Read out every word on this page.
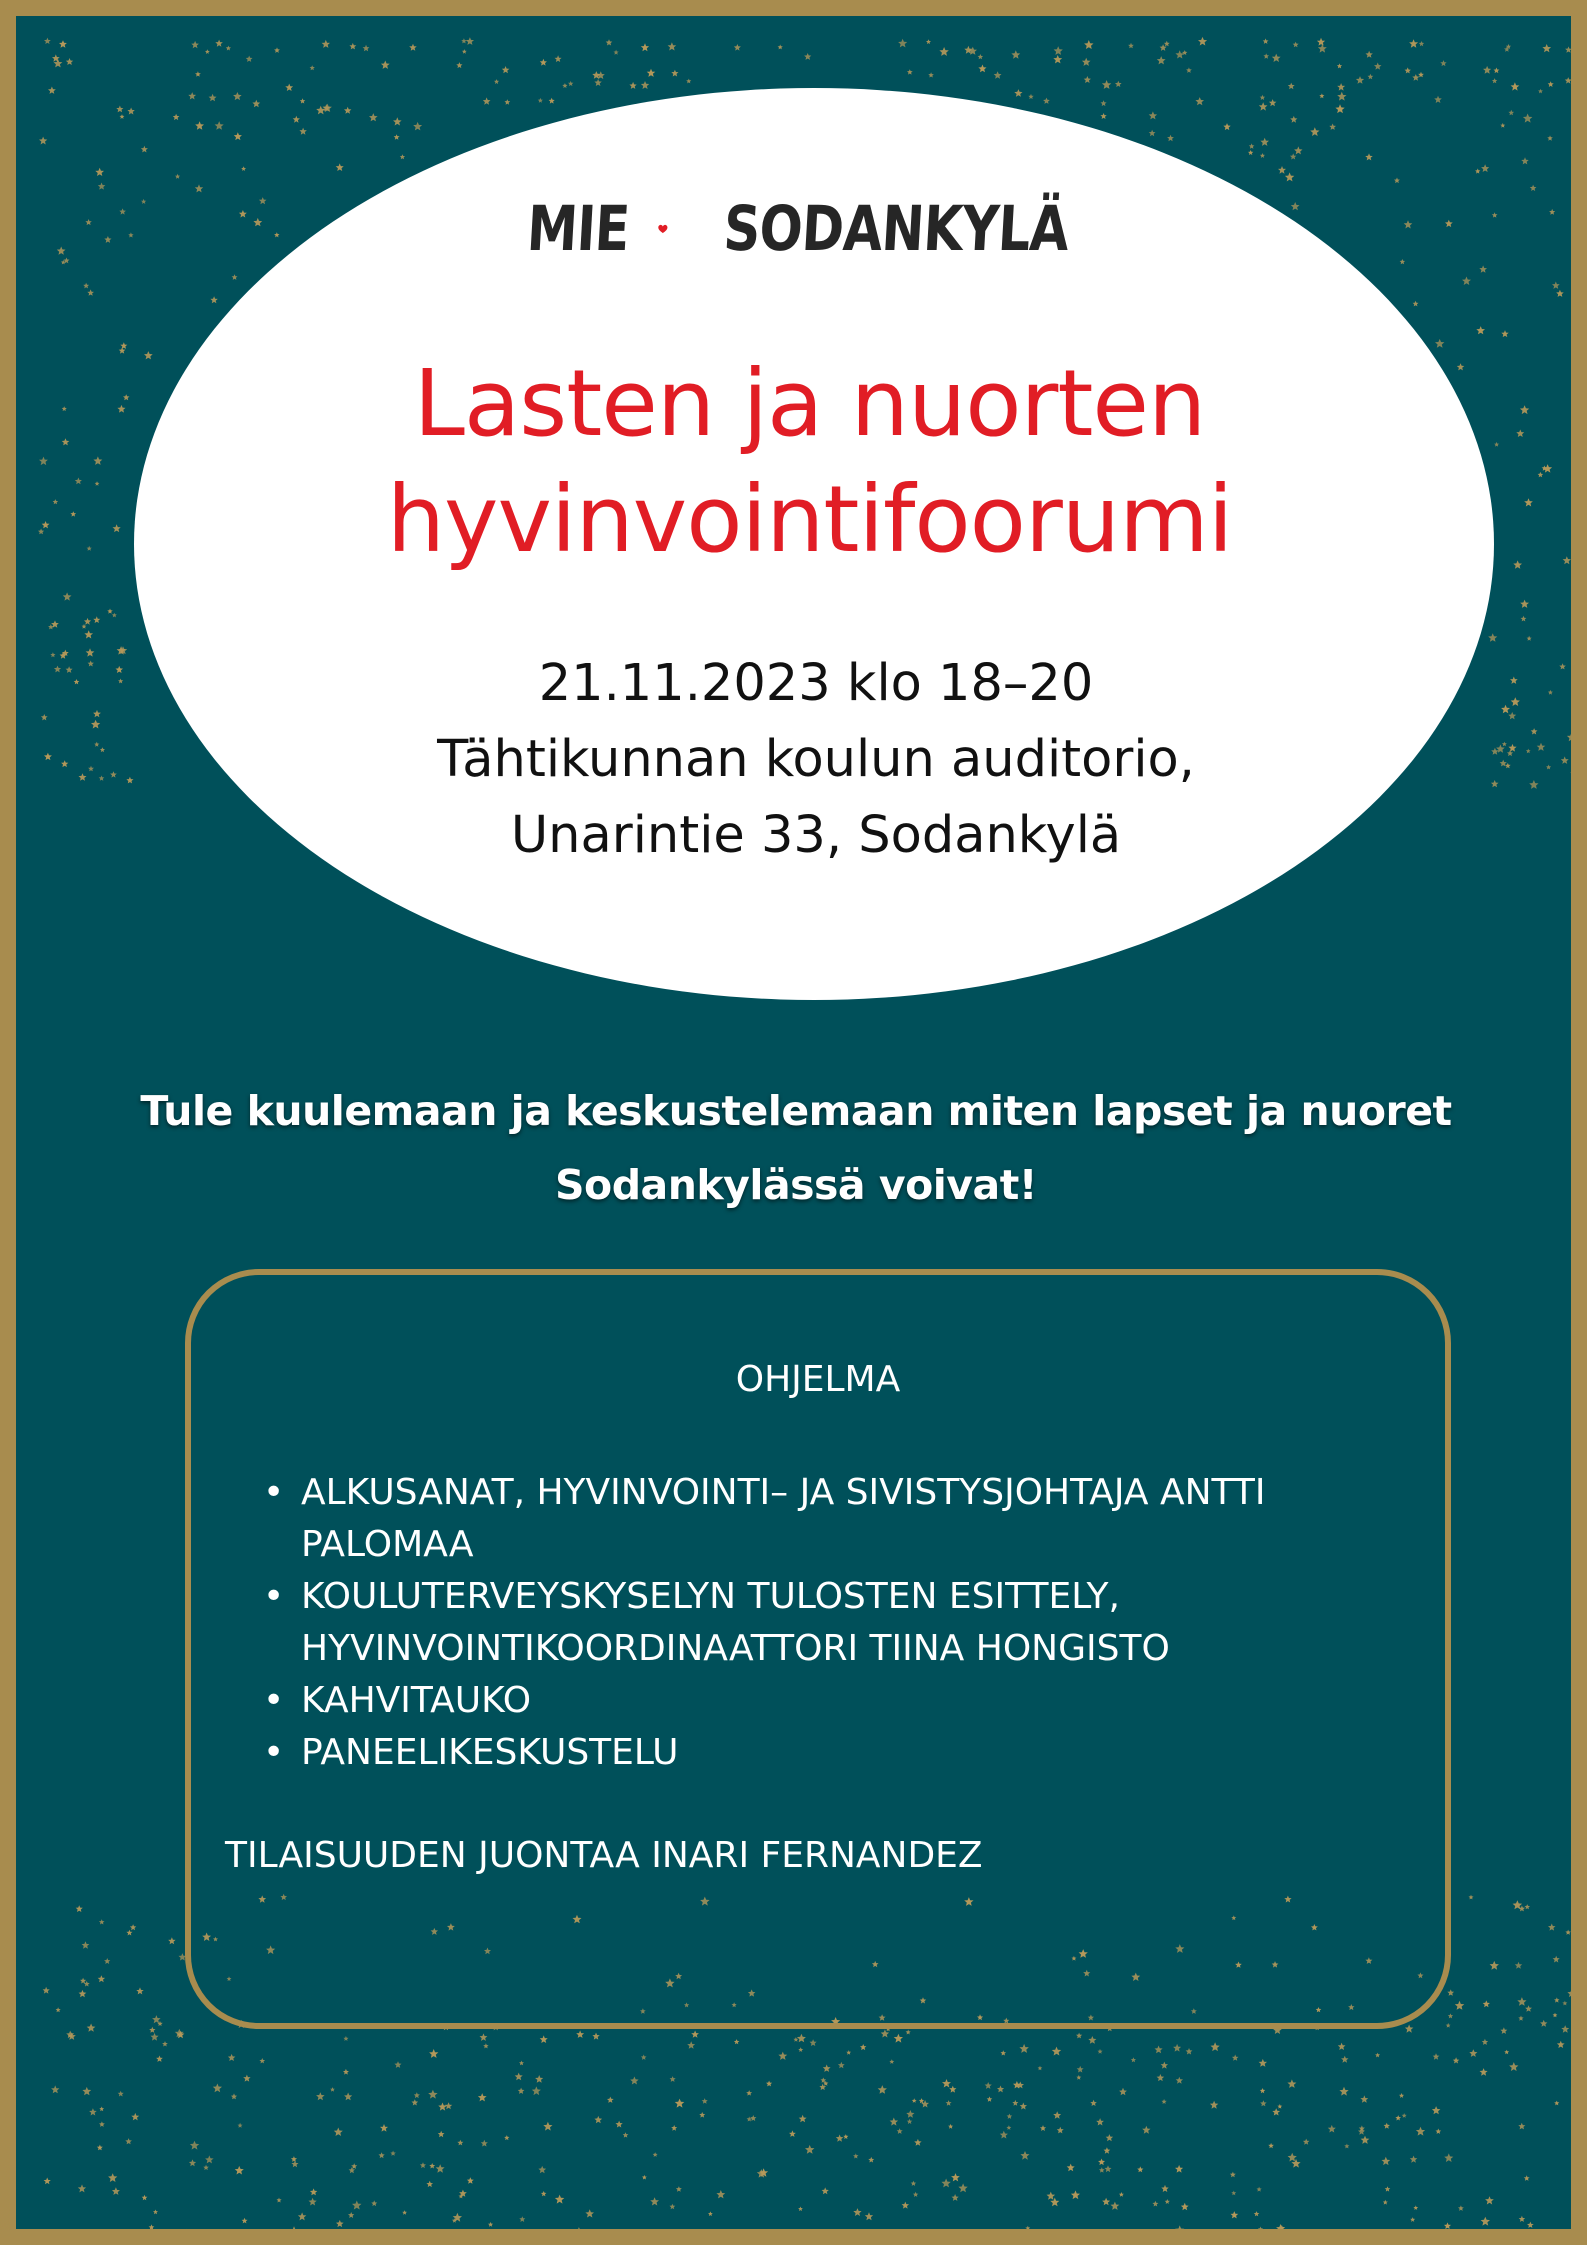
MIE SODANKYLÄ
Lasten ja nuorten
hyvinvointifoorumi
21.11.2023 klo 18–20
Tähtikunnan koulun auditorio,
Unarintie 33, Sodankylä
Tule kuulemaan ja keskustelemaan miten lapset ja nuoret
Sodankylässä voivat!
OHJELMA
• ALKUSANAT, HYVINVOINTI– JA SIVISTYSJOHTAJA ANTTI
PALOMAA
• KOULUTERVEYSKYSELYN TULOSTEN ESITTELY,
HYVINVOINTIKOORDINAATTORI TIINA HONGISTO
• KAHVITAUKO
• PANEELIKESKUSTELU
TILAISUUDEN JUONTAA INARI FERNANDEZ
